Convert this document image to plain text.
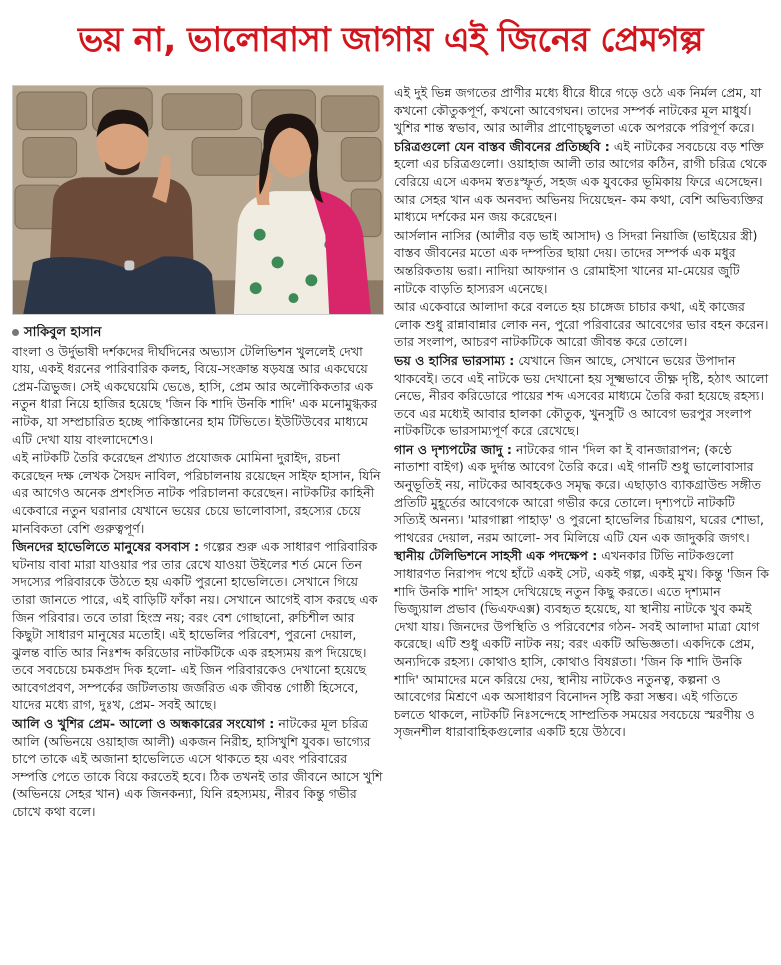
ভয় না, ভালোবাসা জাগায় এই জিনের প্রেমগল্প
সাকিবুল হাসান

বাংলা ও উর্দুভাষী দর্শকদের দীর্ঘদিনের অভ্যাস টেলিভিশন খুললেই দেখা যায়, একই ধরনের পারিবারিক কলহ, বিয়ে-সংক্রান্ত ষড়যন্ত্র আর একঘেয়ে প্রেম-ত্রিভুজ। সেই একঘেয়েমি ভেঙে, হাসি, প্রেম আর অলৌকিকতার এক নতুন ধারা নিয়ে হাজির হয়েছে 'জিন কি শাদি উনকি শাদি' এক মনোমুগ্ধকর নাটক, যা সম্প্রচারিত হচ্ছে পাকিস্তানের হাম টিভিতে। ইউটিউবের মাধ্যমে এটি দেখা যায় বাংলাদেশেও।

এই নাটকটি তৈরি করেছেন প্রখ্যাত প্রযোজক মোমিনা দুরাইদ, রচনা করেছেন দক্ষ লেখক সৈয়দ নাবিল, পরিচালনায় রয়েছেন সাইফ হাসান, যিনি এর আগেও অনেক প্রশংসিত নাটক পরিচালনা করেছেন। নাটকটির কাহিনী একেবারে নতুন ঘরানার যেখানে ভয়ের চেয়ে ভালোবাসা, রহস্যের চেয়ে মানবিকতা বেশি গুরুত্বপূর্ণ।

জিনদের হাভেলিতে মানুষের বসবাস : গল্পের শুরু এক সাধারণ পারিবারিক ঘটনায় বাবা মারা যাওয়ার পর তার রেখে যাওয়া উইলের শর্ত মেনে তিন সদস্যের পরিবারকে উঠতে হয় একটি পুরনো হাভেলিতে। সেখানে গিয়ে তারা জানতে পারে, এই বাড়িটি ফাঁকা নয়। সেখানে আগেই বাস করছে এক জিন পরিবার। তবে তারা হিংস্র নয়; বরং বেশ গোছানো, রুচিশীল আর কিছুটা সাধারণ মানুষের মতোই। এই হাভেলির পরিবেশ, পুরনো দেয়াল, ঝুলন্ত বাতি আর নিঃশব্দ করিডোর নাটকটিকে এক রহস্যময় রূপ দিয়েছে। তবে সবচেয়ে চমকপ্রদ দিক হলো- এই জিন পরিবারকেও দেখানো হয়েছে আবেগপ্রবণ, সম্পর্কের জটিলতায় জর্জরিত এক জীবন্ত গোষ্ঠী হিসেবে, যাদের মধ্যে রাগ, দুঃখ, প্রেম- সবই আছে।

আলি ও খুশির প্রেম- আলো ও অন্ধকারের সংযোগ : নাটকের মূল চরিত্র আলি (অভিনয়ে ওয়াহাজ আলী) একজন নিরীহ, হাসিখুশি যুবক। ভাগ্যের চাপে তাকে এই অজানা হাভেলিতে এসে থাকতে হয় এবং পরিবারের সম্পত্তি পেতে তাকে বিয়ে করতেই হবে। ঠিক তখনই তার জীবনে আসে খুশি (অভিনয়ে সেহর খান) এক জিনকন্যা, যিনি রহস্যময়, নীরব কিন্তু গভীর চোখে কথা বলে।

এই দুই ভিন্ন জগতের প্রাণীর মধ্যে ধীরে ধীরে গড়ে ওঠে এক নির্মল প্রেম, যা কখনো কৌতুকপূর্ণ, কখনো আবেগঘন। তাদের সম্পর্ক নাটকের মূল মাধুর্য। খুশির শান্ত স্বভাব, আর আলীর প্রাণোচ্ছ্বলতা একে অপরকে পরিপূর্ণ করে।

চরিত্রগুলো যেন বাস্তব জীবনের প্রতিচ্ছবি : এই নাটকের সবচেয়ে বড় শক্তি হলো এর চরিত্রগুলো। ওয়াহাজ আলী তার আগের কঠিন, রাগী চরিত্র থেকে বেরিয়ে এসে একদম স্বতঃস্ফূর্ত, সহজ এক যুবকের ভূমিকায় ফিরে এসেছেন। আর সেহর খান এক অনবদ্য অভিনয় দিয়েছেন- কম কথা, বেশি অভিব্যক্তির মাধ্যমে দর্শকের মন জয় করেছেন।

আর্সলান নাসির (আলীর বড় ভাই আসাদ) ও সিদরা নিয়াজি (ভাইয়ের স্ত্রী) বাস্তব জীবনের মতো এক দম্পতির ছায়া দেয়। তাদের সম্পর্ক এক মধুর অন্তরিকতায় ভরা। নাদিয়া আফগান ও রোমাইসা খানের মা-মেয়ের জুটি নাটকে বাড়তি হাস্যরস এনেছে।

আর একেবারে আলাদা করে বলতে হয় চাঙ্গেজ চাচার কথা, এই কাজের লোক শুধু রান্নাবান্নার লোক নন, পুরো পরিবারের আবেগের ভার বহন করেন। তার সংলাপ, আচরণ নাটকটিকে আরো জীবন্ত করে তোলে।

ভয় ও হাসির ভারসাম্য : যেখানে জিন আছে, সেখানে ভয়ের উপাদান থাকবেই। তবে এই নাটকে ভয় দেখানো হয় সূক্ষ্মভাবে তীক্ষ্ণ দৃষ্টি, হঠাৎ আলো নেভে, নীরব করিডোরে পায়ের শব্দ এসবের মাধ্যমে তৈরি করা হয়েছে রহস্য। তবে এর মধ্যেই আবার হালকা কৌতুক, খুনসুটি ও আবেগ ভরপুর সংলাপ নাটকটিকে ভারসাম্যপূর্ণ করে রেখেছে।

গান ও দৃশ্যপটের জাদু : নাটকের গান 'দিল কা ই বানজারাপন; (কণ্ঠে নাতাশা বাইগ) এক দুর্দান্ত আবেগ তৈরি করে। এই গানটি শুধু ভালোবাসার অনুভূতিই নয়, নাটকের আবহকেও সমৃদ্ধ করে। এছাড়াও ব্যাকগ্রাউন্ড সঙ্গীত প্রতিটি মুহূর্তের আবেগকে আরো গভীর করে তোলে। দৃশ্যপটে নাটকটি সত্যিই অনন্য। 'মারগাল্লা পাহাড়' ও পুরনো হাভেলির চিত্রায়ণ, ঘরের শোভা, পাথরের দেয়াল, নরম আলো- সব মিলিয়ে এটি যেন এক জাদুকরি জগৎ।

স্থানীয় টেলিভিশনে সাহসী এক পদক্ষেপ : এখনকার টিভি নাটকগুলো সাধারণত নিরাপদ পথে হাঁটে একই সেট, একই গল্প, একই মুখ। কিন্তু 'জিন কি শাদি উনকি শাদি' সাহস দেখিয়েছে নতুন কিছু করতে। এতে দৃশ্যমান ভিজ্যুয়াল প্রভাব (ভিএফএক্স) ব্যবহৃত হয়েছে, যা স্থানীয় নাটকে খুব কমই দেখা যায়। জিনদের উপস্থিতি ও পরিবেশের গঠন- সবই আলাদা মাত্রা যোগ করেছে। এটি শুধু একটি নাটক নয়; বরং একটি অভিজ্ঞতা। একদিকে প্রেম, অন্যদিকে রহস্য। কোথাও হাসি, কোথাও বিষণ্ণতা। 'জিন কি শাদি উনকি শাদি' আমাদের মনে করিয়ে দেয়, স্থানীয় নাটকেও নতুনত্ব, কল্পনা ও আবেগের মিশ্রণে এক অসাধারণ বিনোদন সৃষ্টি করা সম্ভব। এই গতিতে চলতে থাকলে, নাটকটি নিঃসন্দেহে সাম্প্রতিক সময়ের সবচেয়ে স্মরণীয় ও সৃজনশীল ধারাবাহিকগুলোর একটি হয়ে উঠবে।
